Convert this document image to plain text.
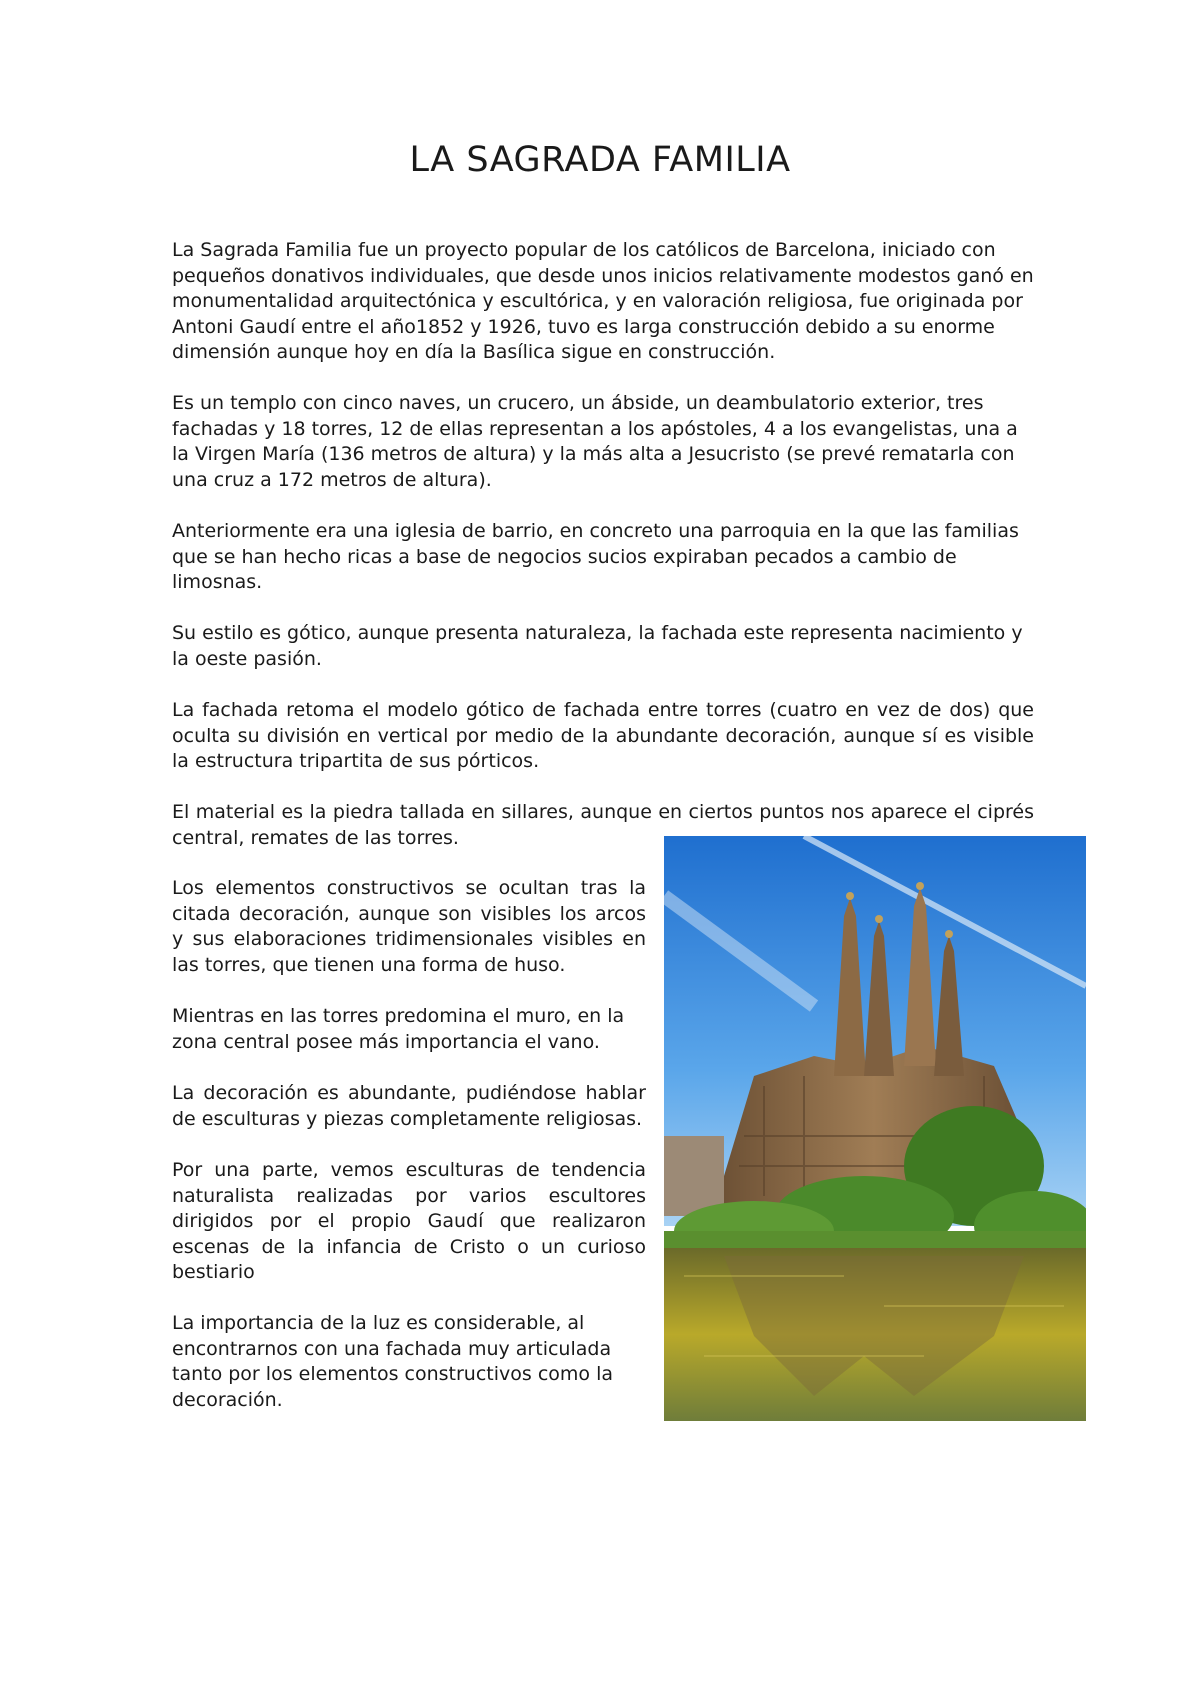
LA SAGRADA FAMILIA

La Sagrada Familia fue un proyecto popular de los católicos de Barcelona, iniciado con pequeños donativos individuales, que desde unos inicios relativamente modestos ganó en monumentalidad arquitectónica y escultórica, y en valoración religiosa, fue originada por Antoni Gaudí entre el año1852 y 1926, tuvo es larga construcción debido a su enorme dimensión aunque hoy en día la Basílica sigue en construcción.

Es un templo con cinco naves, un crucero, un ábside, un deambulatorio exterior, tres fachadas y 18 torres, 12 de ellas representan a los apóstoles, 4 a los evangelistas, una a la Virgen María (136 metros de altura) y la más alta a Jesucristo (se prevé rematarla con una cruz a 172 metros de altura).

Anteriormente era una iglesia de barrio, en concreto una parroquia en la que las familias que se han hecho ricas a base de negocios sucios expiraban pecados a cambio de limosnas.

Su estilo es gótico, aunque presenta naturaleza, la fachada este representa nacimiento y la oeste pasión.

La fachada retoma el modelo gótico de fachada entre torres (cuatro en vez de dos) que oculta su división en vertical por medio de la abundante decoración, aunque sí es visible la estructura tripartita de sus pórticos.

El material es la piedra tallada en sillares, aunque en ciertos puntos nos aparece el ciprés central, remates de las torres.

Los elementos constructivos se ocultan tras la citada decoración, aunque son visibles los arcos y sus elaboraciones tridimensionales visibles en las torres, que tienen una forma de huso.

Mientras en las torres predomina el muro, en la zona central posee más importancia el vano.

La decoración es abundante, pudiéndose hablar de esculturas y piezas completamente religiosas.

Por una parte, vemos esculturas de tendencia naturalista realizadas por varios escultores dirigidos por el propio Gaudí que realizaron escenas de la infancia de Cristo o un curioso bestiario

La importancia de la luz es considerable, al encontrarnos con una fachada muy articulada tanto por los elementos constructivos como la decoración.
